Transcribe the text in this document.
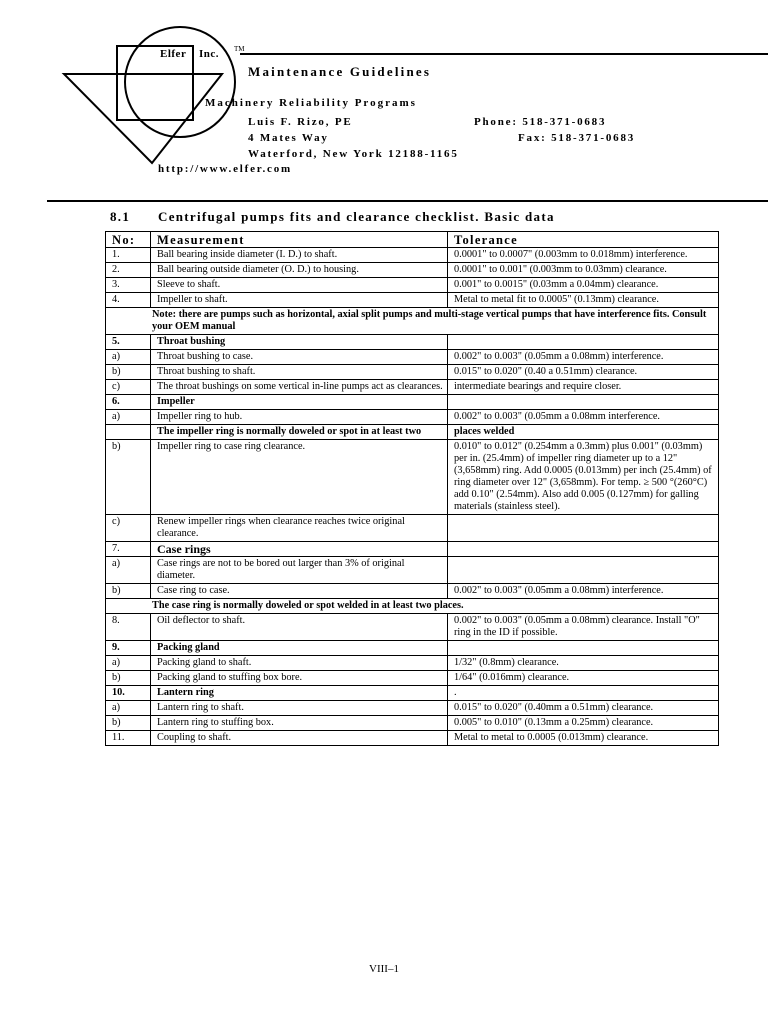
Elfer Inc. TM
Maintenance Guidelines
Machinery Reliability Programs
Luis F. Rizo, PE
4 Mates Way
Waterford, New York 12188-1165
Phone: 518-371-0683
Fax: 518-371-0683
http://www.elfer.com
8.1 Centrifugal pumps fits and clearance checklist. Basic data
No:	Measurement	Tolerance
1.	Ball bearing inside diameter (I. D.) to shaft.	0.0001" to 0.0007" (0.003mm to 0.018mm) interference.
2.	Ball bearing outside diameter (O. D.) to housing.	0.0001" to 0.001" (0.003mm to 0.03mm) clearance.
3.	Sleeve to shaft.	0.001" to 0.0015" (0.03mm a 0.04mm) clearance.
4.	Impeller to shaft.	Metal to metal fit to 0.0005" (0.13mm) clearance.
Note: there are pumps such as horizontal, axial split pumps and multi-stage vertical pumps that have interference fits. Consult your OEM manual		
5.	Throat bushing	
a)	Throat bushing to case.	0.002" to 0.003" (0.05mm a 0.08mm) interference.
b)	Throat bushing to shaft.	0.015" to 0.020" (0.40 a 0.51mm) clearance.
c)	The throat bushings on some vertical in-line pumps act as clearances.	intermediate bearings and require closer.
6.	Impeller	
a)	Impeller ring to hub.	0.002" to 0.003" (0.05mm a 0.08mm interference.
	The impeller ring is normally doweled or spot in at least two	places welded
b)	Impeller ring to case ring clearance.	0.010" to 0.012" (0.254mm a 0.3mm) plus 0.001" (0.03mm) per in. (25.4mm) of impeller ring diameter up to a 12" (3,658mm) ring. Add 0.0005 (0.013mm) per inch (25.4mm) of ring diameter over 12" (3,658mm). For temp. ≥ 500 °(260°C) add 0.10" (2.54mm). Also add 0.005 (0.127mm) for galling materials (stainless steel).
c)	Renew impeller rings when clearance reaches twice original clearance.	
7.	Case rings	
a)	Case rings are not to be bored out larger than 3% of original diameter.	
b)	Case ring to case.	0.002" to 0.003" (0.05mm a 0.08mm) interference.
The case ring is normally doweled or spot welded in at least two places.		
8.	Oil deflector to shaft.	0.002" to 0.003" (0.05mm a 0.08mm) clearance. Install "O" ring in the ID if possible.
9.	Packing gland	
a)	Packing gland to shaft.	1/32" (0.8mm) clearance.
b)	Packing gland to stuffing box bore.	1/64" (0.016mm) clearance.
10.	Lantern ring	.
a)	Lantern ring to shaft.	0.015" to 0.020" (0.40mm a 0.51mm) clearance.
b)	Lantern ring to stuffing box.	0.005" to 0.010" (0.13mm a 0.25mm) clearance.
11.	Coupling to shaft.	Metal to metal to 0.0005 (0.013mm) clearance.
VIII–1
